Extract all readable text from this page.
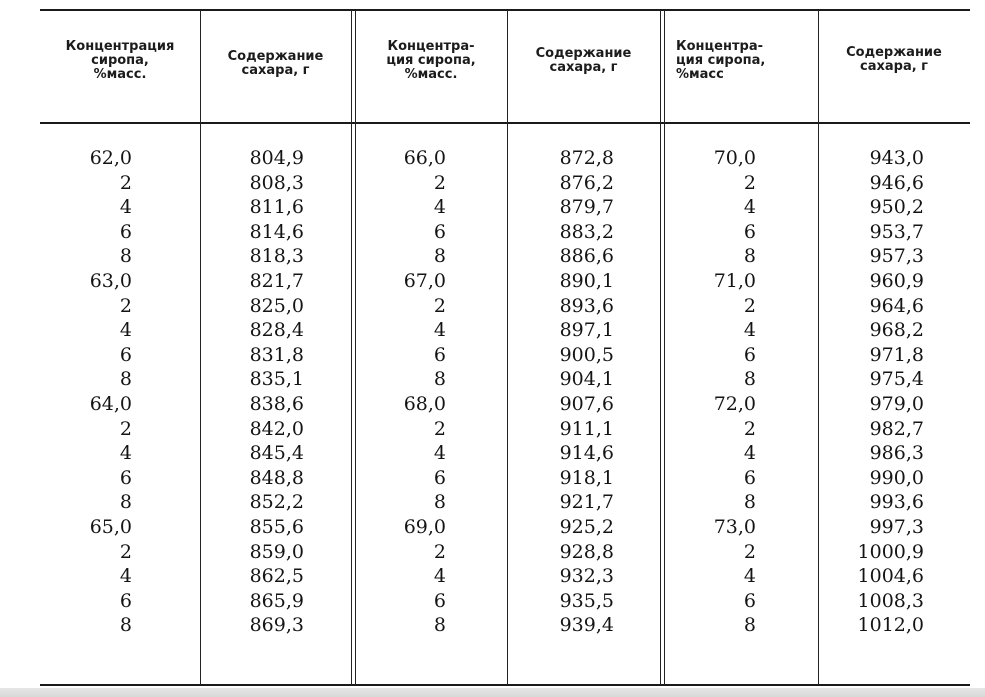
Концентрация
сиропа,
%масс.
Содержание
сахара, г
Концентра-
ция сиропа,
%масс.
Содержание
сахара, г
Концентра-
ция сиропа,
%масс
Содержание
сахара, г
62,0
2
4
6
8
63,0
2
4
6
8
64,0
2
4
6
8
65,0
2
4
6
8
804,9
808,3
811,6
814,6
818,3
821,7
825,0
828,4
831,8
835,1
838,6
842,0
845,4
848,8
852,2
855,6
859,0
862,5
865,9
869,3
66,0
2
4
6
8
67,0
2
4
6
8
68,0
2
4
6
8
69,0
2
4
6
8
872,8
876,2
879,7
883,2
886,6
890,1
893,6
897,1
900,5
904,1
907,6
911,1
914,6
918,1
921,7
925,2
928,8
932,3
935,5
939,4
70,0
2
4
6
8
71,0
2
4
6
8
72,0
2
4
6
8
73,0
2
4
6
8
943,0
946,6
950,2
953,7
957,3
960,9
964,6
968,2
971,8
975,4
979,0
982,7
986,3
990,0
993,6
997,3
1000,9
1004,6
1008,3
1012,0
